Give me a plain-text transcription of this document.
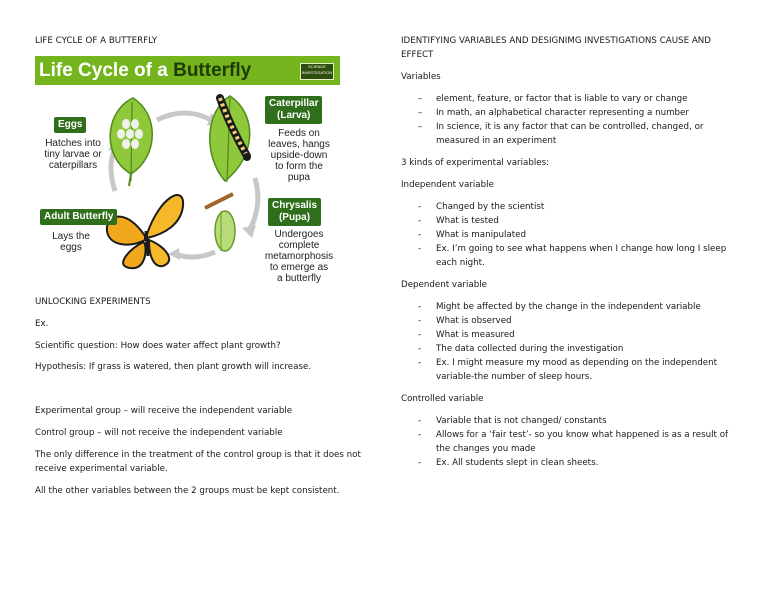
LIFE CYCLE OF A BUTTERFLY
Life Cycle of a Butterfly	SCIENCE
INVESTIGATION
Eggs
Hatches into
tiny larvae or
caterpillars
Caterpillar
(Larva)
Feeds on
leaves, hangs
upside-down
to form the
pupa
Chrysalis
(Pupa)
Undergoes
complete
metamorphosis
to emerge as
a butterfly
Adult Butterfly
Lays the
eggs
UNLOCKING EXPERIMENTS
Ex.
Scientific question: How does water affect plant growth?
Hypothesis: If grass is watered, then plant growth will increase.
Experimental group – will receive the independent variable
Control group – will not receive the independent variable
The only difference in the treatment of the control group is that it does not
receive experimental variable.
All the other variables between the 2 groups must be kept consistent.
IDENTIFYING VARIABLES AND DESIGNIMG INVESTIGATIONS CAUSE AND
EFFECT
Variables
– element, feature, or factor that is liable to vary or change
– In math, an alphabetical character representing a number
– In science, it is any factor that can be controlled, changed, or
measured in an experiment
3 kinds of experimental variables:
Independent variable
- Changed by the scientist
- What is tested
- What is manipulated
- Ex. I’m going to see what happens when I change how long I sleep
each night.
Dependent variable
- Might be affected by the change in the independent variable
- What is observed
- What is measured
- The data collected during the investigation
- Ex. I might measure my mood as depending on the independent
variable-the number of sleep hours.
Controlled variable
- Variable that is not changed/ constants
- Allows for a ‘fair test’- so you know what happened is as a result of
the changes you made
- Ex. All students slept in clean sheets.
